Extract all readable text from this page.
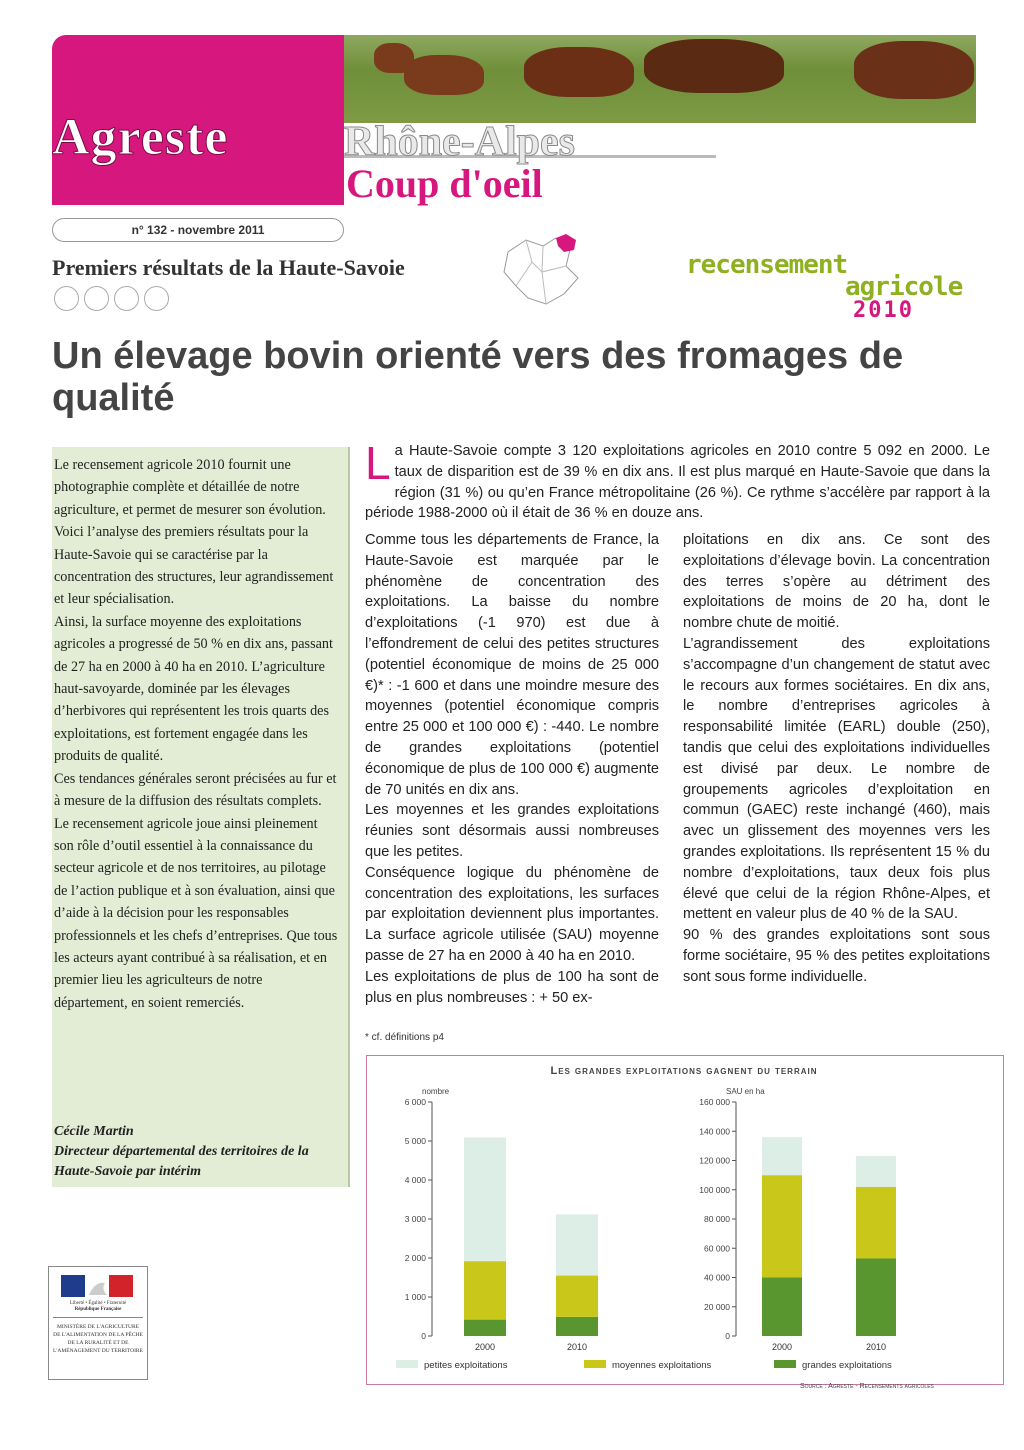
Agreste	Rhône-Alpes
Coup d'oeil
n° 132 - novembre 2011
Premiers résultats de la Haute-Savoie	recensement
agricole
2010
Un élevage bovin orienté vers des fromages de qualité

Le recensement agricole 2010 fournit une photographie complète et détaillée de notre agriculture, et permet de mesurer son évolution. Voici l’analyse des premiers résultats pour la Haute-Savoie qui se caractérise par la concentration des structures, leur agrandissement et leur spécialisation.

Ainsi, la surface moyenne des exploitations agricoles a progressé de 50 % en dix ans, passant de 27 ha en 2000 à 40 ha en 2010. L’agriculture haut-savoyarde, dominée par les élevages d’herbivores qui représentent les trois quarts des exploitations, est fortement engagée dans les produits de qualité.

Ces tendances générales seront précisées au fur et à mesure de la diffusion des résultats complets. Le recensement agricole joue ainsi pleinement son rôle d’outil essentiel à la connaissance du secteur agricole et de nos territoires, au pilotage de l’action publique et à son évaluation, ainsi que d’aide à la décision pour les responsables professionnels et les chefs d’entreprises. Que tous les acteurs ayant contribué à sa réalisation, et en premier lieu les agriculteurs de notre département, en soient remerciés.

Cécile Martin
Directeur départemental des territoires de la Haute-Savoie par intérim
La Haute-Savoie compte 3 120 exploitations agricoles en 2010 contre 5 092 en 2000. Le taux de disparition est de 39 % en dix ans. Il est plus marqué en Haute-Savoie que dans la région (31 %) ou qu’en France métropolitaine (26 %). Ce rythme s’accélère par rapport à la période 1988-2000 où il était de 36 % en douze ans.

Comme tous les départements de France, la Haute-Savoie est marquée par le phénomène de concentration des exploitations. La baisse du nombre d’exploitations (-1 970) est due à l’effondrement de celui des petites structures (potentiel économique de moins de 25 000 €)* : -1 600 et dans une moindre mesure des moyennes (potentiel économique compris entre 25 000 et 100 000 €) : -440. Le nombre de grandes exploitations (potentiel économique de plus de 100 000 €) augmente de 70 unités en dix ans.

Les moyennes et les grandes exploitations réunies sont désormais aussi nombreuses que les petites.

Conséquence logique du phénomène de concentration des exploitations, les surfaces par exploitation deviennent plus importantes. La surface agricole utilisée (SAU) moyenne passe de 27 ha en 2000 à 40 ha en 2010.

Les exploitations de plus de 100 ha sont de plus en plus nombreuses : + 50 ex-

ploitations en dix ans. Ce sont des exploitations d’élevage bovin. La concentration des terres s’opère au détriment des exploitations de moins de 20 ha, dont le nombre chute de moitié.

L’agrandissement des exploitations s’accompagne d’un changement de statut avec le recours aux formes sociétaires. En dix ans, le nombre d’entreprises agricoles à responsabilité limitée (EARL) double (250), tandis que celui des exploitations individuelles est divisé par deux. Le nombre de groupements agricoles d’exploitation en commun (GAEC) reste inchangé (460), mais avec un glissement des moyennes vers les grandes exploitations. Ils représentent 15 % du nombre d’exploitations, taux deux fois plus élevé que celui de la région Rhône-Alpes, et mettent en valeur plus de 40 % de la SAU.

90 % des grandes exploitations sont sous forme sociétaire, 95 % des petites exploitations sont sous forme individuelle.

* cf. définitions p4
Les grandes exploitations gagnent du terrain
nombre
0
1 000
2 000
3 000
4 000
5 000
6 000
2000	2010
SAU en ha
0
20 000
40 000
60 000
80 000
100 000
120 000
140 000
160 000
2000	2010
petites exploitations	moyennes exploitations	grandes exploitations
Source : Agreste - Recensements agricoles
Liberté • Égalité • Fraternité
République Française
MINISTÈRE DE L'AGRICULTURE DE L'ALIMENTATION DE LA PÊCHE DE LA RURALITÉ ET DE L'AMÉNAGEMENT DU TERRITOIRE
